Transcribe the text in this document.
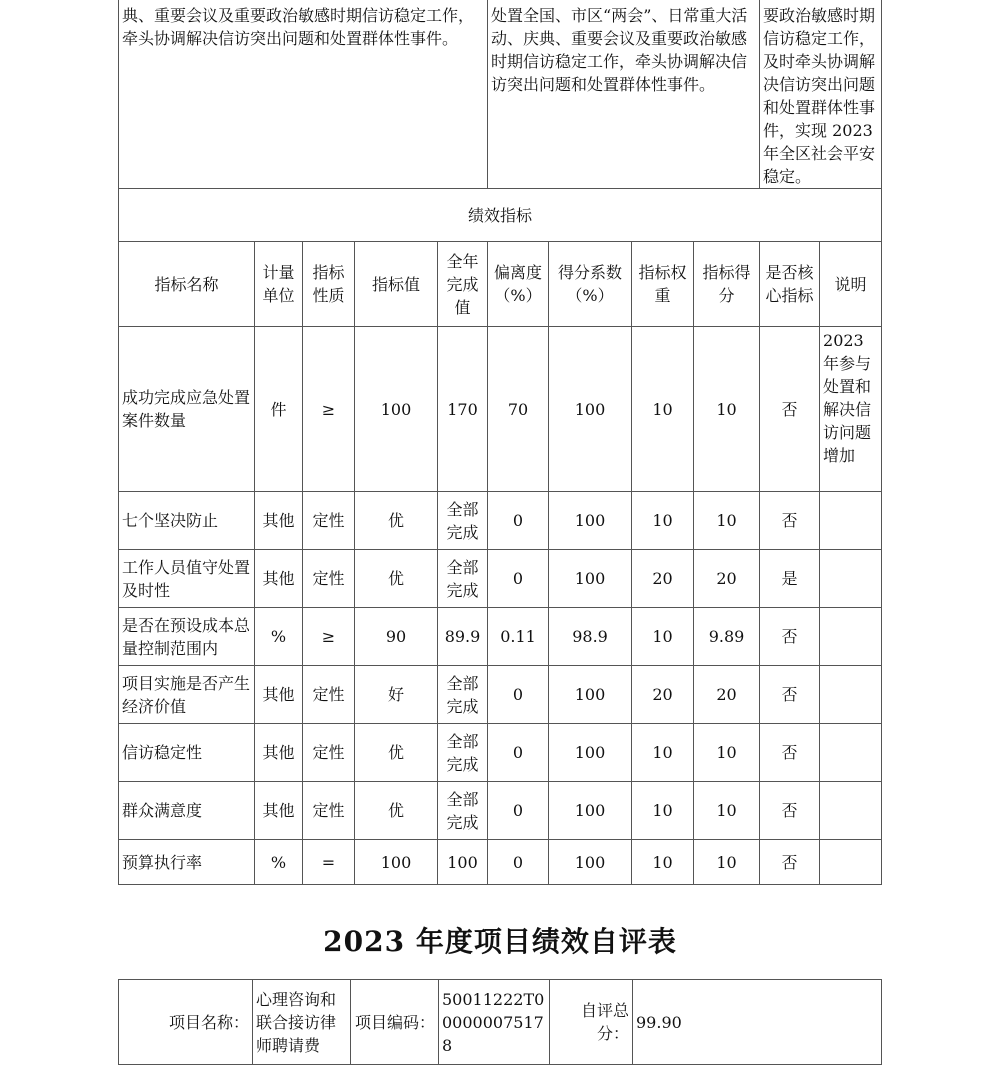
典、重要会议及重要政治敏感时期信访稳定工作，牵头协调解决信访突出问题和处置群体性事件。					处置全国、市区“两会”、日常重大活动、庆典、重要会议及重要政治敏感时期信访稳定工作，牵头协调解决信访突出问题和处置群体性事件。				要政治敏感时期信访稳定工作，及时牵头协调解决信访突出问题和处置群体性事件，实现 2023 年全区社会平安稳定。	
绩效指标										
指标名称	计量单位	指标性质	指标值	全年完成值	偏离度（%）	得分系数（%）	指标权重	指标得分	是否核心指标	说明
成功完成应急处置案件数量	件	≥	100	170	70	100	10	10	否	2023年参与处置和解决信访问题增加
七个坚决防止	其他	定性	优	全部完成	0	100	10	10	否	
工作人员值守处置及时性	其他	定性	优	全部完成	0	100	20	20	是	
是否在预设成本总量控制范围内	%	≥	90	89.9	0.11	98.9	10	9.89	否	
项目实施是否产生经济价值	其他	定性	好	全部完成	0	100	20	20	否	
信访稳定性	其他	定性	优	全部完成	0	100	10	10	否	
群众满意度	其他	定性	优	全部完成	0	100	10	10	否	
预算执行率	%	=	100	100	0	100	10	10	否	
2023 年度项目绩效自评表
项目名称：	心理咨询和联合接访律师聘请费	项目编码：	50011222T000000075178	自评总分：	99.90
